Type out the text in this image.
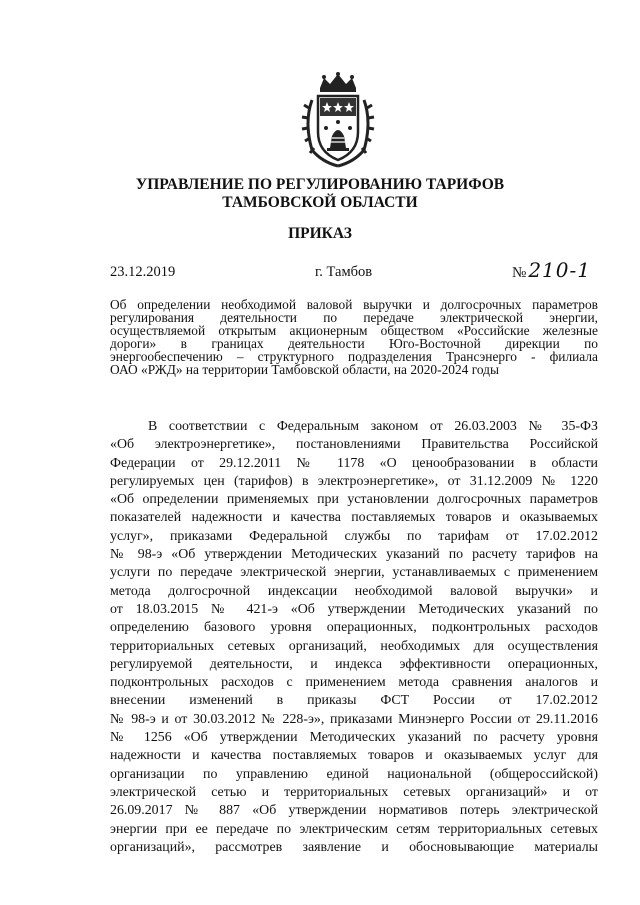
УПРАВЛЕНИЕ ПО РЕГУЛИРОВАНИЮ ТАРИФОВ
ТАМБОВСКОЙ ОБЛАСТИ
ПРИКАЗ
23.12.2019	г. Тамбов	№ 210-1
Об определении необходимой валовой выручки и долгосрочных параметров
регулирования деятельности по передаче электрической энергии,
осуществляемой открытым акционерным обществом «Российские железные
дороги» в границах деятельности Юго-Восточной дирекции по
энергообеспечению – структурного подразделения Трансэнерго - филиала
ОАО «РЖД» на территории Тамбовской области, на 2020-2024 годы
В соответствии с Федеральным законом от 26.03.2003 № 35-ФЗ
«Об электроэнергетике», постановлениями Правительства Российской
Федерации от 29.12.2011 № 1178 «О ценообразовании в области
регулируемых цен (тарифов) в электроэнергетике», от 31.12.2009 № 1220
«Об определении применяемых при установлении долгосрочных параметров
показателей надежности и качества поставляемых товаров и оказываемых
услуг», приказами Федеральной службы по тарифам от 17.02.2012
№ 98-э «Об утверждении Методических указаний по расчету тарифов на
услуги по передаче электрической энергии, устанавливаемых с применением
метода долгосрочной индексации необходимой валовой выручки» и
от 18.03.2015 № 421-э «Об утверждении Методических указаний по
определению базового уровня операционных, подконтрольных расходов
территориальных сетевых организаций, необходимых для осуществления
регулируемой деятельности, и индекса эффективности операционных,
подконтрольных расходов с применением метода сравнения аналогов и
внесении изменений в приказы ФСТ России от 17.02.2012
№ 98-э и от 30.03.2012 № 228-э», приказами Минэнерго России от 29.11.2016
№ 1256 «Об утверждении Методических указаний по расчету уровня
надежности и качества поставляемых товаров и оказываемых услуг для
организации по управлению единой национальной (общероссийской)
электрической сетью и территориальных сетевых организаций» и от
26.09.2017 № 887 «Об утверждении нормативов потерь электрической
энергии при ее передаче по электрическим сетям территориальных сетевых
организаций», рассмотрев заявление и обосновывающие материалы
